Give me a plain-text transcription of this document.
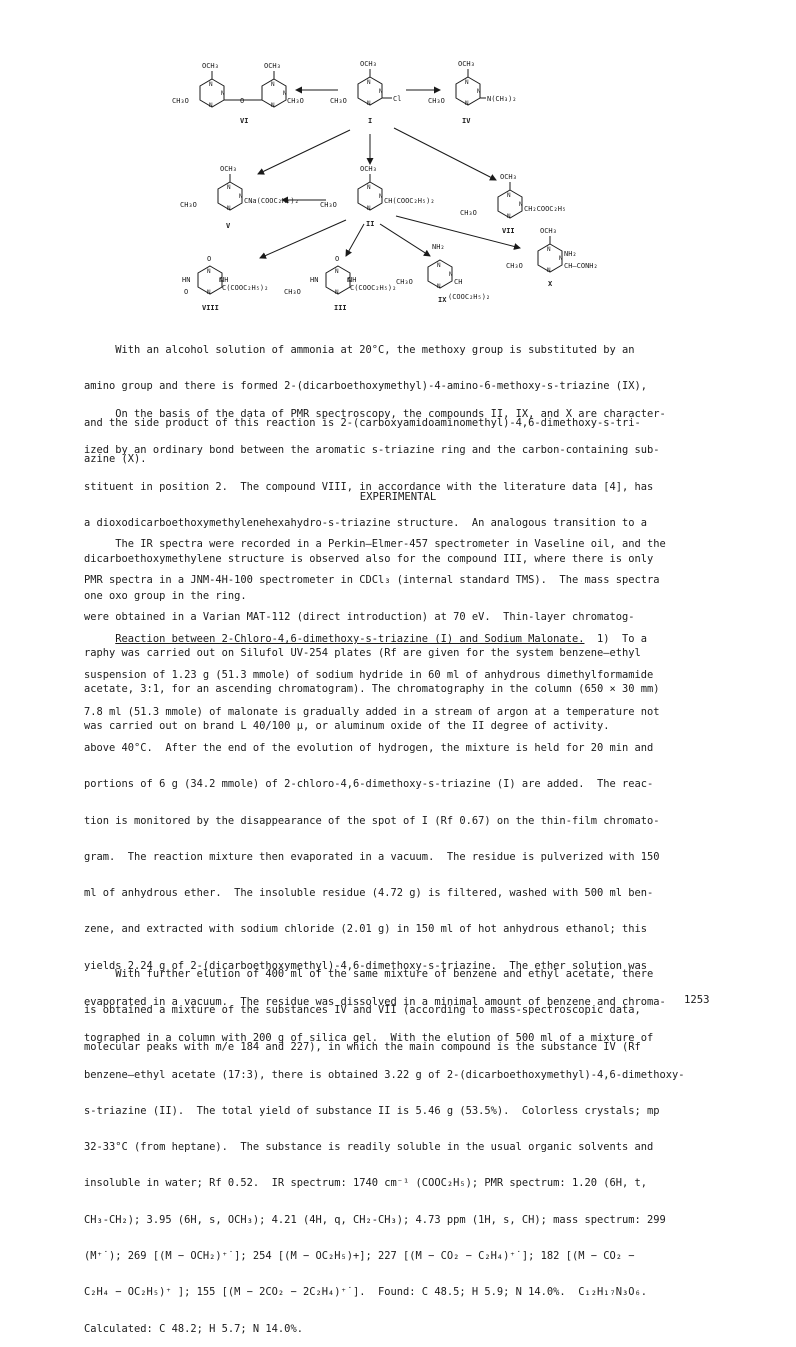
N
N
N
OCH₃	OCH₃
CH₃O	O	CH₃O
OCH₃
CH₃O	Cl
OCH₃
CH₃O	N(CH₃)₂
OCH₃
CH₃O	CNa(COOC₂H₅)₂
OCH₃
CH₃O	CH(COOC₂H₅)₂
OCH₃
CH₃O	CH₂COOC₂H₅
O
HN	NH
O	C(COOC₂H₅)₂
O
HN	NH
CH₃O	C(COOC₂H₅)₂
NH₂
CH₃O	CH
(COOC₂H₅)₂
OCH₃
CH₃O
NH₂
CH—CONH₂
VI	I	IV
V	II
VII
VIII	III
IX
X

With an alcohol solution of ammonia at 20°C, the methoxy group is substituted by an

amino group and there is formed 2-(dicarboethoxymethyl)-4-amino-6-methoxy-s-triazine (IX),

and the side product of this reaction is 2-(carboxyamidoaminomethyl)-4,6-dimethoxy-s-tri-

azine (X).

On the basis of the data of PMR spectroscopy, the compounds II, IX, and X are character-

ized by an ordinary bond between the aromatic s-triazine ring and the carbon-containing sub-

stituent in position 2.  The compound VIII, in accordance with the literature data [4], has

a dioxodicarboethoxymethylenehexahydro-s-triazine structure.  An analogous transition to a

dicarboethoxymethylene structure is observed also for the compound III, where there is only

one oxo group in the ring.

EXPERIMENTAL

The IR spectra were recorded in a Perkin—Elmer-457 spectrometer in Vaseline oil, and the

PMR spectra in a JNM-4H-100 spectrometer in CDCl₃ (internal standard TMS).  The mass spectra

were obtained in a Varian MAT-112 (direct introduction) at 70 eV.  Thin-layer chromatog-

raphy was carried out on Silufol UV-254 plates (Rf are given for the system benzene—ethyl

acetate, 3:1, for an ascending chromatogram). The chromatography in the column (650 × 30 mm)

was carried out on brand L 40/100 µ, or aluminum oxide of the II degree of activity.

Reaction between 2-Chloro-4,6-dimethoxy-s-triazine (I) and Sodium Malonate.  1)  To a

suspension of 1.23 g (51.3 mmole) of sodium hydride in 60 ml of anhydrous dimethylformamide

7.8 ml (51.3 mmole) of malonate is gradually added in a stream of argon at a temperature not

above 40°C.  After the end of the evolution of hydrogen, the mixture is held for 20 min and

portions of 6 g (34.2 mmole) of 2-chloro-4,6-dimethoxy-s-triazine (I) are added.  The reac-

tion is monitored by the disappearance of the spot of I (Rf 0.67) on the thin-film chromato-

gram.  The reaction mixture then evaporated in a vacuum.  The residue is pulverized with 150

ml of anhydrous ether.  The insoluble residue (4.72 g) is filtered, washed with 500 ml ben-

zene, and extracted with sodium chloride (2.01 g) in 150 ml of hot anhydrous ethanol; this

yields 2.24 g of 2-(dicarboethoxymethyl)-4,6-dimethoxy-s-triazine.  The ether solution was

evaporated in a vacuum.  The residue was dissolved in a minimal amount of benzene and chroma-

tographed in a column with 200 g of silica gel.  With the elution of 500 ml of a mixture of

benzene—ethyl acetate (17:3), there is obtained 3.22 g of 2-(dicarboethoxymethyl)-4,6-dimethoxy-

s-triazine (II).  The total yield of substance II is 5.46 g (53.5%).  Colorless crystals; mp

32-33°C (from heptane).  The substance is readily soluble in the usual organic solvents and

insoluble in water; Rf 0.52.  IR spectrum: 1740 cm⁻¹ (COOC₂H₅); PMR spectrum: 1.20 (6H, t,

CH₃-CH₂); 3.95 (6H, s, OCH₃); 4.21 (4H, q, CH₂-CH₃); 4.73 ppm (1H, s, CH); mass spectrum: 299

(M⁺˙); 269 [(M − OCH₂)⁺˙]; 254 [(M − OC₂H₅)+]; 227 [(M − CO₂ − C₂H₄)⁺˙]; 182 [(M − CO₂ −

C₂H₄ − OC₂H₅)⁺ ]; 155 [(M − 2CO₂ − 2C₂H₄)⁺˙].  Found: C 48.5; H 5.9; N 14.0%.  C₁₂H₁₇N₃O₆.

Calculated: C 48.2; H 5.7; N 14.0%.

With further elution of 400 ml of the same mixture of benzene and ethyl acetate, there

is obtained a mixture of the substances IV and VII (according to mass-spectroscopic data,

molecular peaks with m/e 184 and 227), in which the main compound is the substance IV (Rf

1253
